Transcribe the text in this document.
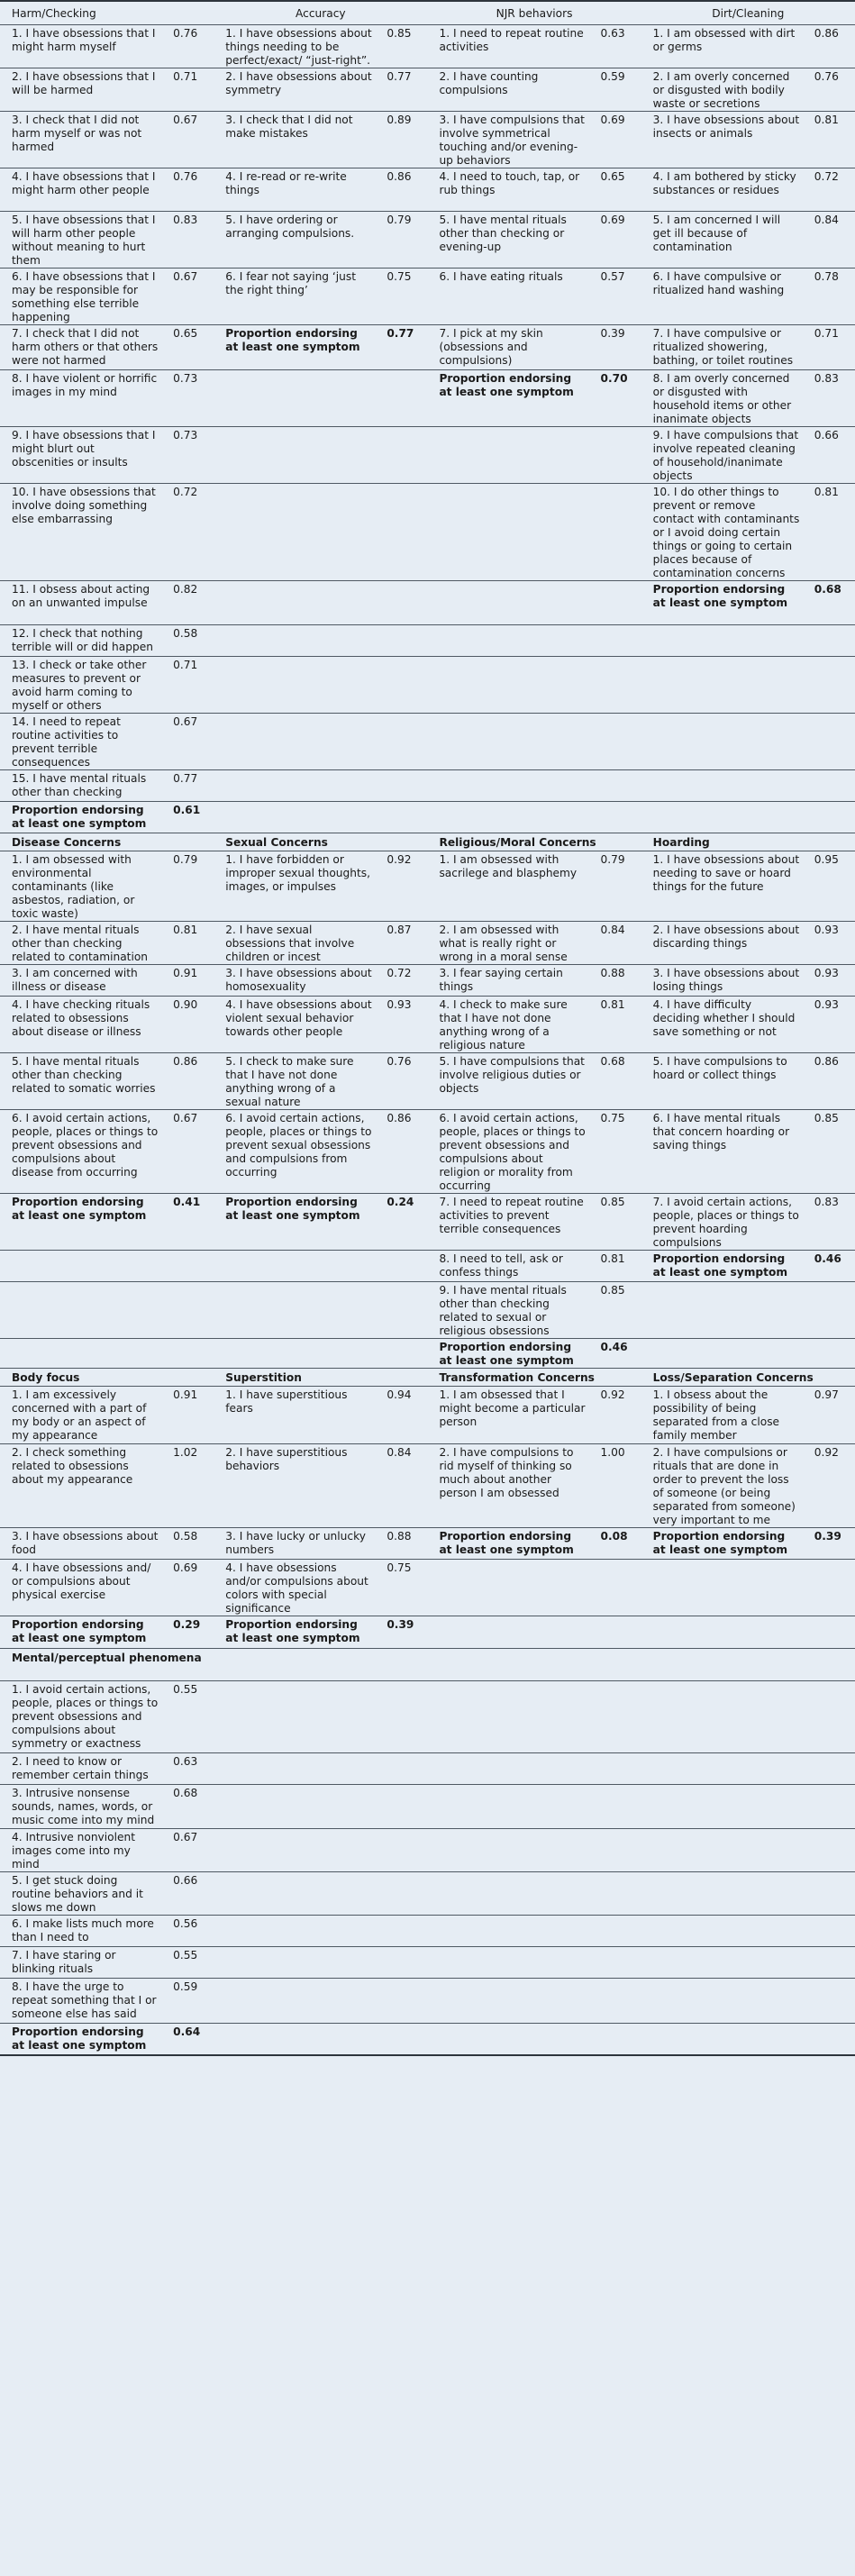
Harm/Checking		Accuracy		NJR behaviors		Dirt/Cleaning	
1. I have obsessions that I might harm myself	0.76	1. I have obsessions about things needing to be perfect/exact/ “just-right”.	0.85	1. I need to repeat routine activities	0.63	1. I am obsessed with dirt or germs	0.86
2. I have obsessions that I will be harmed	0.71	2. I have obsessions about symmetry	0.77	2. I have counting compulsions	0.59	2. I am overly concerned or disgusted with bodily waste or secretions	0.76
3. I check that I did not harm myself or was not harmed	0.67	3. I check that I did not make mistakes	0.89	3. I have compulsions that involve symmetrical touching and/or evening-up behaviors	0.69	3. I have obsessions about insects or animals	0.81
4. I have obsessions that I might harm other people	0.76	4. I re-read or re-write things	0.86	4. I need to touch, tap, or rub things	0.65	4. I am bothered by sticky substances or residues	0.72
5. I have obsessions that I will harm other people without meaning to hurt them	0.83	5. I have ordering or arranging compulsions.	0.79	5. I have mental rituals other than checking or evening-up	0.69	5. I am concerned I will get ill because of contamination	0.84
6. I have obsessions that I may be responsible for something else terrible happening	0.67	6. I fear not saying ‘just the right thing’	0.75	6. I have eating rituals	0.57	6. I have compulsive or ritualized hand washing	0.78
7. I check that I did not harm others or that others were not harmed	0.65	Proportion endorsing at least one symptom	0.77	7. I pick at my skin (obsessions and compulsions)	0.39	7. I have compulsive or ritualized showering, bathing, or toilet routines	0.71
8. I have violent or horrific images in my mind	0.73			Proportion endorsing at least one symptom	0.70	8. I am overly concerned or disgusted with household items or other inanimate objects	0.83
9. I have obsessions that I might blurt out obscenities or insults	0.73					9. I have compulsions that involve repeated cleaning of household/inanimate objects	0.66
10. I have obsessions that involve doing something else embarrassing	0.72					10. I do other things to prevent or remove contact with contaminants or I avoid doing certain things or going to certain places because of contamination concerns	0.81
11. I obsess about acting on an unwanted impulse	0.82					Proportion endorsing at least one symptom	0.68
12. I check that nothing terrible will or did happen	0.58						
13. I check or take other measures to prevent or avoid harm coming to myself or others	0.71						
14. I need to repeat routine activities to prevent terrible consequences	0.67						
15. I have mental rituals other than checking	0.77						
Proportion endorsing at least one symptom	0.61						
Disease Concerns		Sexual Concerns		Religious/Moral Concerns		Hoarding	
1. I am obsessed with environmental contaminants (like asbestos, radiation, or toxic waste)	0.79	1. I have forbidden or improper sexual thoughts, images, or impulses	0.92	1. I am obsessed with sacrilege and blasphemy	0.79	1. I have obsessions about needing to save or hoard things for the future	0.95
2. I have mental rituals other than checking related to contamination	0.81	2. I have sexual obsessions that involve children or incest	0.87	2. I am obsessed with what is really right or wrong in a moral sense	0.84	2. I have obsessions about discarding things	0.93
3. I am concerned with illness or disease	0.91	3. I have obsessions about homosexuality	0.72	3. I fear saying certain things	0.88	3. I have obsessions about losing things	0.93
4. I have checking rituals related to obsessions about disease or illness	0.90	4. I have obsessions about violent sexual behavior towards other people	0.93	4. I check to make sure that I have not done anything wrong of a religious nature	0.81	4. I have difficulty deciding whether I should save something or not	0.93
5. I have mental rituals other than checking related to somatic worries	0.86	5. I check to make sure that I have not done anything wrong of a sexual nature	0.76	5. I have compulsions that involve religious duties or objects	0.68	5. I have compulsions to hoard or collect things	0.86
6. I avoid certain actions, people, places or things to prevent obsessions and compulsions about disease from occurring	0.67	6. I avoid certain actions, people, places or things to prevent sexual obsessions and compulsions from occurring	0.86	6. I avoid certain actions, people, places or things to prevent obsessions and compulsions about religion or morality from occurring	0.75	6. I have mental rituals that concern hoarding or saving things	0.85
Proportion endorsing at least one symptom	0.41	Proportion endorsing at least one symptom	0.24	7. I need to repeat routine activities to prevent terrible consequences	0.85	7. I avoid certain actions, people, places or things to prevent hoarding compulsions	0.83
				8. I need to tell, ask or confess things	0.81	Proportion endorsing at least one symptom	0.46
				9. I have mental rituals other than checking related to sexual or religious obsessions	0.85		
				Proportion endorsing at least one symptom	0.46		
Body focus		Superstition		Transformation Concerns		Loss/Separation Concerns	
1. I am excessively concerned with a part of my body or an aspect of my appearance	0.91	1. I have superstitious fears	0.94	1. I am obsessed that I might become a particular person	0.92	1. I obsess about the possibility of being separated from a close family member	0.97
2. I check something related to obsessions about my appearance	1.02	2. I have superstitious behaviors	0.84	2. I have compulsions to rid myself of thinking so much about another person I am obsessed	1.00	2. I have compulsions or rituals that are done in order to prevent the loss of someone (or being separated from someone) very important to me	0.92
3. I have obsessions about food	0.58	3. I have lucky or unlucky numbers	0.88	Proportion endorsing at least one symptom	0.08	Proportion endorsing at least one symptom	0.39
4. I have obsessions and/ or compulsions about physical exercise	0.69	4. I have obsessions and/or compulsions about colors with special significance	0.75				
Proportion endorsing at least one symptom	0.29	Proportion endorsing at least one symptom	0.39				
Mental/perceptual phenomena							
1. I avoid certain actions, people, places or things to prevent obsessions and compulsions about symmetry or exactness	0.55						
2. I need to know or remember certain things	0.63						
3. Intrusive nonsense sounds, names, words, or music come into my mind	0.68						
4. Intrusive nonviolent images come into my mind	0.67						
5. I get stuck doing routine behaviors and it slows me down	0.66						
6. I make lists much more than I need to	0.56						
7. I have staring or blinking rituals	0.55						
8. I have the urge to repeat something that I or someone else has said	0.59						
Proportion endorsing at least one symptom	0.64						
